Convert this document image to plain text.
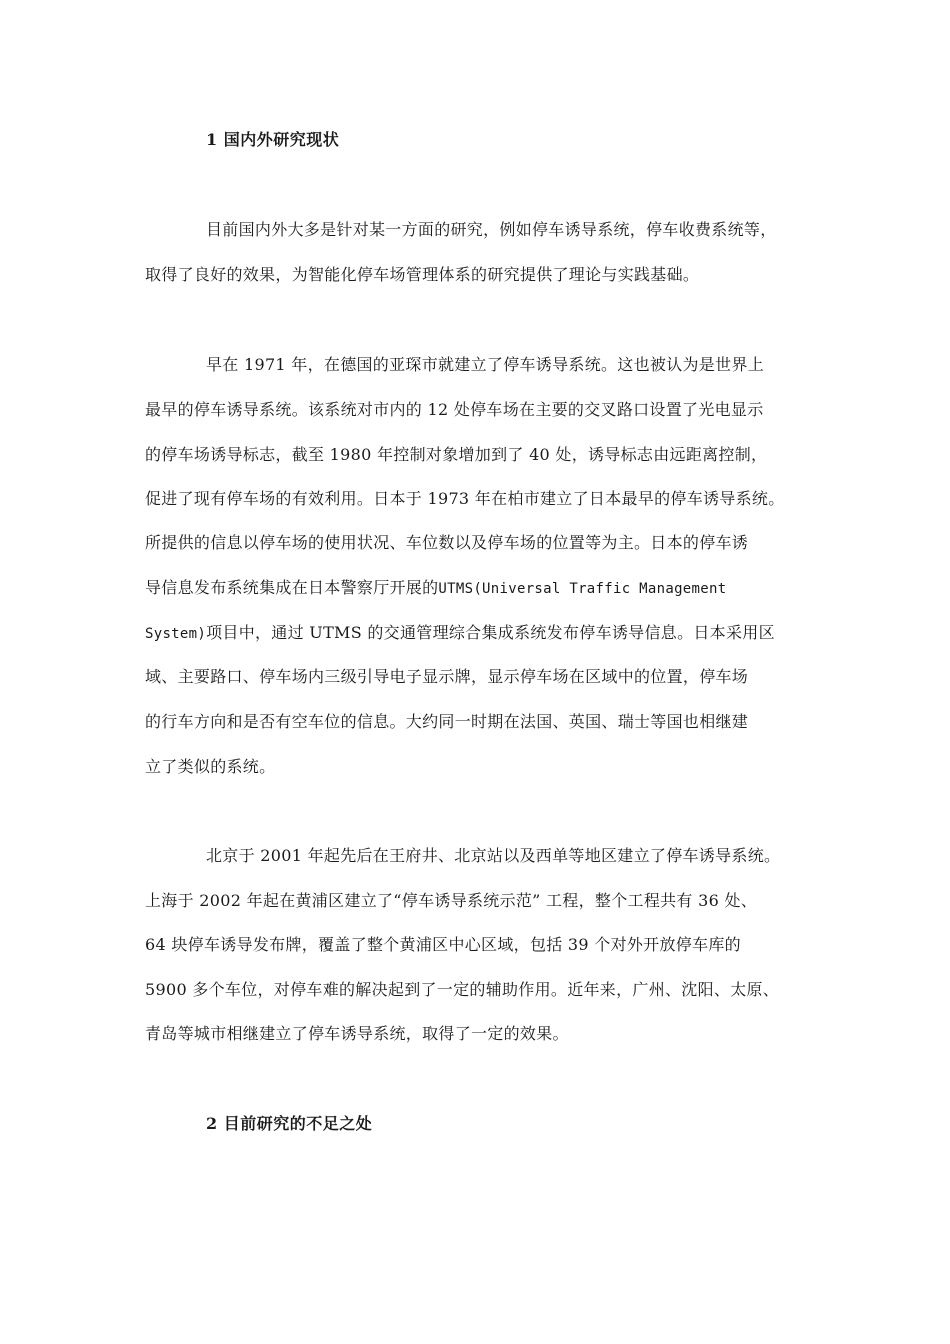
1 国内外研究现状
目前国内外大多是针对某一方面的研究，例如停车诱导系统，停车收费系统等，
取得了良好的效果，为智能化停车场管理体系的研究提供了理论与实践基础。
早在 1971 年，在德国的亚琛市就建立了停车诱导系统。这也被认为是世界上
最早的停车诱导系统。该系统对市内的 12 处停车场在主要的交叉路口设置了光电显示
的停车场诱导标志，截至 1980 年控制对象增加到了 40 处，诱导标志由远距离控制，
促进了现有停车场的有效利用。日本于 1973 年在柏市建立了日本最早的停车诱导系统。
所提供的信息以停车场的使用状况、车位数以及停车场的位置等为主。日本的停车诱
导信息发布系统集成在日本警察厅开展的UTMS(Universal Traffic Management
System)项目中，通过 UTMS 的交通管理综合集成系统发布停车诱导信息。日本采用区
域、主要路口、停车场内三级引导电子显示牌，显示停车场在区域中的位置，停车场
的行车方向和是否有空车位的信息。大约同一时期在法国、英国、瑞士等国也相继建
立了类似的系统。
北京于 2001 年起先后在王府井、北京站以及西单等地区建立了停车诱导系统。
上海于 2002 年起在黄浦区建立了“停车诱导系统示范” 工程，整个工程共有 36 处、
64 块停车诱导发布牌，覆盖了整个黄浦区中心区域，包括 39 个对外开放停车库的
5900 多个车位，对停车难的解决起到了一定的辅助作用。近年来，广州、沈阳、太原、
青岛等城市相继建立了停车诱导系统，取得了一定的效果。
2 目前研究的不足之处
